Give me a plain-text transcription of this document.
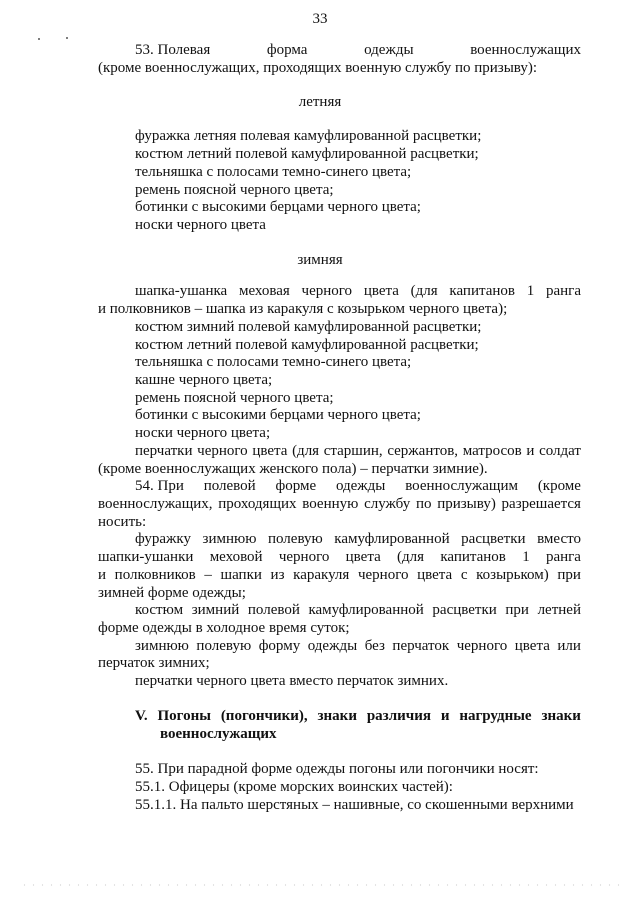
33
53. Полевая	форма	одежды	военнослужащих
(кроме военнослужащих, проходящих военную службу по призыву):
летняя
фуражка летняя полевая камуфлированной расцветки;
костюм летний полевой камуфлированной расцветки;
тельняшка с полосами темно-синего цвета;
ремень поясной черного цвета;
ботинки с высокими берцами черного цвета;
носки черного цвета
зимняя
шапка-ушанка меховая черного цвета (для капитанов 1 ранга
и полковников – шапка из каракуля с козырьком черного цвета);
костюм зимний полевой камуфлированной расцветки;
костюм летний полевой камуфлированной расцветки;
тельняшка с полосами темно-синего цвета;
кашне черного цвета;
ремень поясной черного цвета;
ботинки с высокими берцами черного цвета;
носки черного цвета;
перчатки черного цвета (для старшин, сержантов, матросов и солдат
(кроме военнослужащих женского пола) – перчатки зимние).
54. При полевой форме одежды военнослужащим (кроме
военнослужащих, проходящих военную службу по призыву) разрешается
носить:
фуражку зимнюю полевую камуфлированной расцветки вместо
шапки-ушанки меховой черного цвета (для капитанов 1 ранга
и полковников – шапки из каракуля черного цвета с козырьком) при
зимней форме одежды;
костюм зимний полевой камуфлированной расцветки при летней
форме одежды в холодное время суток;
зимнюю полевую форму одежды без перчаток черного цвета или
перчаток зимних;
перчатки черного цвета вместо перчаток зимних.
V. Погоны (погончики), знаки различия и нагрудные знаки
военнослужащих
55. При парадной форме одежды погоны или погончики носят:
55.1. Офицеры (кроме морских воинских частей):
55.1.1. На пальто шерстяных – нашивные, со скошенными верхними
